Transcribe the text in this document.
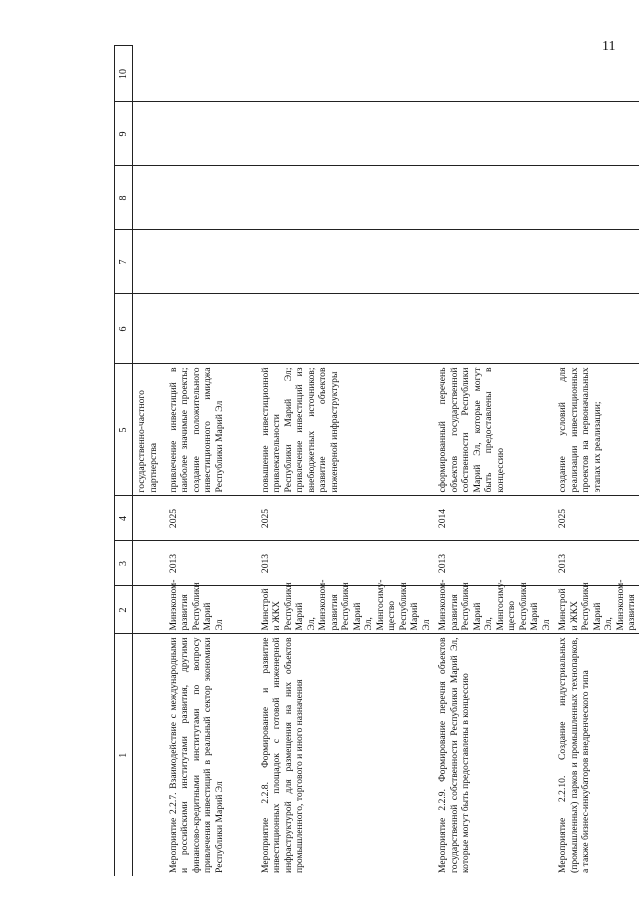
11
1	2	3	4	5	6	7	8	9	10
				государственно-частного партнерства					
Мероприятие 2.2.7. Взаимодействие с международными и российскими институтами развития, другими финансово-кредитными институтами по вопросу привлечения инвестиций в реальный сектор экономики Республики Марий Эл	Минэконом-развития Республики Марий Эл	2013	2025	привлечение инвестиций в наиболее значимые проекты; создание положительного инвестиционного имиджа Республики Марий Эл					
Мероприятие 2.2.8. Формирование и развитие инвестиционных площадок с готовой инженерной инфраструктурой для размещения на них объектов промышленного, торгового и иного назначения	Минстрой и ЖКХ Республики Марий Эл, Минэконом-развития Республики Марий Эл, Мингосиму-щество Республики Марий Эл	2013	2025	повышение инвестиционной привлекательности Республики Марий Эл; привлечение инвестиций из внебюджетных источников; развитие объектов инженерной инфраструктуры					
Мероприятие 2.2.9. Формирование перечня объектов государственной собственности Республики Марий Эл, которые могут быть предоставлены в концессию	Минэконом-развития Республики Марий Эл, Мингосиму-щество Республики Марий Эл	2013	2014	сформированный перечень объектов государственной собственности Республики Марий Эл, которые могут быть предоставлены в концессию					
Мероприятие 2.2.10. Создание индустриальных (промышленных) парков и промышленных технопарков, а также бизнес-инкубаторов внедренческого типа	Минстрой и ЖКХ Республики Марий Эл, Минэконом-развития	2013	2025	создание условий для реализации инвестиционных проектов на первоначальных этапах их реализации;					
